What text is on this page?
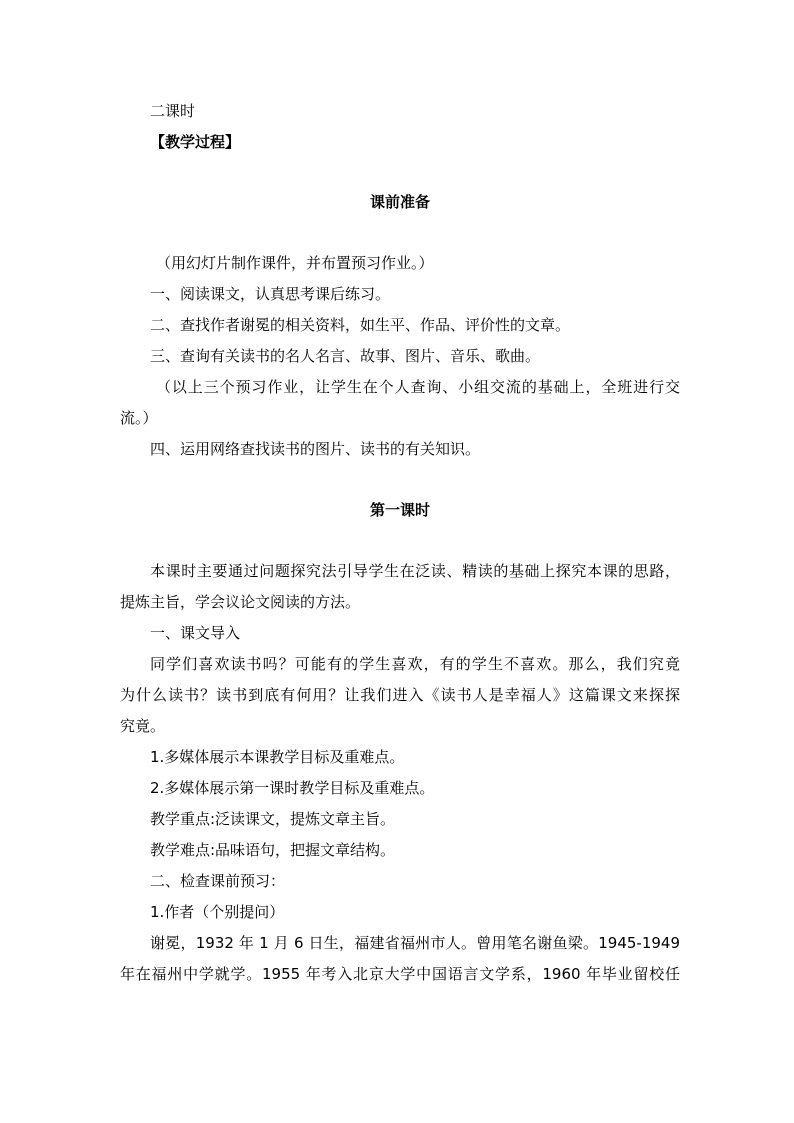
二课时
【教学过程】
课前准备
（用幻灯片制作课件，并布置预习作业。）
一、阅读课文，认真思考课后练习。
二、查找作者谢冕的相关资料，如生平、作品、评价性的文章。
三、查询有关读书的名人名言、故事、图片、音乐、歌曲。
（以上三个预习作业，让学生在个人查询、小组交流的基础上，全班进行交
流。）
四、运用网络查找读书的图片、读书的有关知识。
第一课时
本课时主要通过问题探究法引导学生在泛读、精读的基础上探究本课的思路，
提炼主旨，学会议论文阅读的方法。
一、课文导入
同学们喜欢读书吗？可能有的学生喜欢，有的学生不喜欢。那么，我们究竟
为什么读书？读书到底有何用？让我们进入《读书人是幸福人》这篇课文来探探
究竟。
1.多媒体展示本课教学目标及重难点。
2.多媒体展示第一课时教学目标及重难点。
教学重点:泛读课文，提炼文章主旨。
教学难点:品味语句，把握文章结构。
二、检查课前预习：
1.作者（个别提问）
谢冕，1932 年 1 月 6 日生，福建省福州市人。曾用笔名谢鱼梁。1945-1949
年在福州中学就学。1955 年考入北京大学中国语言文学系，1960 年毕业留校任
